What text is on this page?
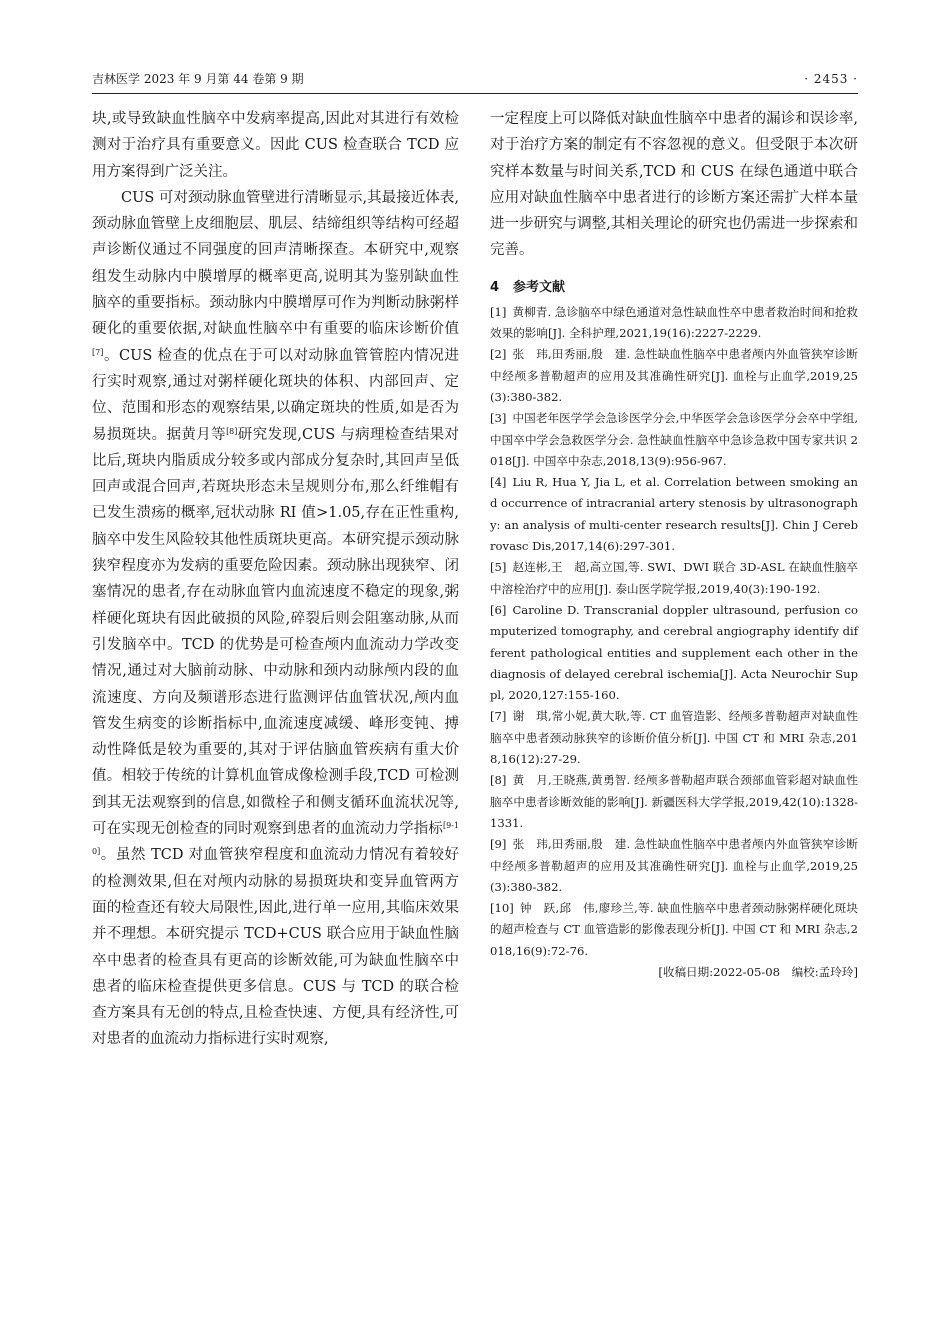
吉林医学 2023 年 9 月第 44 卷第 9 期	· 2453 ·

块,或导致缺血性脑卒中发病率提高,因此对其进行有效检测对于治疗具有重要意义。因此 CUS 检查联合 TCD 应用方案得到广泛关注。

CUS 可对颈动脉血管壁进行清晰显示,其最接近体表,颈动脉血管壁上皮细胞层、肌层、结缔组织等结构可经超声诊断仪通过不同强度的回声清晰探查。本研究中,观察组发生动脉内中膜增厚的概率更高,说明其为鉴别缺血性脑卒的重要指标。颈动脉内中膜增厚可作为判断动脉粥样硬化的重要依据,对缺血性脑卒中有重要的临床诊断价值[7]。CUS 检查的优点在于可以对动脉血管管腔内情况进行实时观察,通过对粥样硬化斑块的体积、内部回声、定位、范围和形态的观察结果,以确定斑块的性质,如是否为易损斑块。据黄月等[8]研究发现,CUS 与病理检查结果对比后,斑块内脂质成分较多或内部成分复杂时,其回声呈低回声或混合回声,若斑块形态未呈规则分布,那么纤维帽有已发生溃疡的概率,冠状动脉 RI 值>1.05,存在正性重构,脑卒中发生风险较其他性质斑块更高。本研究提示颈动脉狭窄程度亦为发病的重要危险因素。颈动脉出现狭窄、闭塞情况的患者,存在动脉血管内血流速度不稳定的现象,粥样硬化斑块有因此破损的风险,碎裂后则会阻塞动脉,从而引发脑卒中。TCD 的优势是可检查颅内血流动力学改变情况,通过对大脑前动脉、中动脉和颈内动脉颅内段的血流速度、方向及频谱形态进行监测评估血管状况,颅内血管发生病变的诊断指标中,血流速度减缓、峰形变钝、搏动性降低是较为重要的,其对于评估脑血管疾病有重大价值。相较于传统的计算机血管成像检测手段,TCD 可检测到其无法观察到的信息,如微栓子和侧支循环血流状况等,可在实现无创检查的同时观察到患者的血流动力学指标[9-10]。虽然 TCD 对血管狭窄程度和血流动力情况有着较好的检测效果,但在对颅内动脉的易损斑块和变异血管两方面的检查还有较大局限性,因此,进行单一应用,其临床效果并不理想。本研究提示 TCD+CUS 联合应用于缺血性脑卒中患者的检查具有更高的诊断效能,可为缺血性脑卒中患者的临床检查提供更多信息。CUS 与 TCD 的联合检查方案具有无创的特点,且检查快速、方便,具有经济性,可对患者的血流动力指标进行实时观察,

一定程度上可以降低对缺血性脑卒中患者的漏诊和误诊率,对于治疗方案的制定有不容忽视的意义。但受限于本次研究样本数量与时间关系,TCD 和 CUS 在绿色通道中联合应用对缺血性脑卒中患者进行的诊断方案还需扩大样本量进一步研究与调整,其相关理论的研究也仍需进一步探索和完善。

4 参考文献

[1] 黄柳青. 急诊脑卒中绿色通道对急性缺血性卒中患者救治时间和抢救效果的影响[J]. 全科护理,2021,19(16):2227-2229.

[2] 张　玮,田秀丽,殷　建. 急性缺血性脑卒中患者颅内外血管狭窄诊断中经颅多普勒超声的应用及其准确性研究[J]. 血栓与止血学,2019,25(3):380-382.

[3] 中国老年医学学会急诊医学分会,中华医学会急诊医学分会卒中学组,中国卒中学会急救医学分会. 急性缺血性脑卒中急诊急救中国专家共识 2018[J]. 中国卒中杂志,2018,13(9):956-967.

[4] Liu R, Hua Y, Jia L, et al. Correlation between smoking and occurrence of intracranial artery stenosis by ultrasonography: an analysis of multi-center research results[J]. Chin J Cerebrovasc Dis,2017,14(6):297-301.

[5] 赵连彬,王　超,高立国,等. SWI、DWI 联合 3D-ASL 在缺血性脑卒中溶栓治疗中的应用[J]. 泰山医学院学报,2019,40(3):190-192.

[6] Caroline D. Transcranial doppler ultrasound, perfusion computerized tomography, and cerebral angiography identify different pathological entities and supplement each other in the diagnosis of delayed cerebral ischemia[J]. Acta Neurochir Suppl, 2020,127:155-160.

[7] 谢　琪,常小妮,黄大耿,等. CT 血管造影、经颅多普勒超声对缺血性脑卒中患者颈动脉狭窄的诊断价值分析[J]. 中国 CT 和 MRI 杂志,2018,16(12):27-29.

[8] 黄　月,王晓燕,黄勇智. 经颅多普勒超声联合颈部血管彩超对缺血性脑卒中患者诊断效能的影响[J]. 新疆医科大学学报,2019,42(10):1328-1331.

[9] 张　玮,田秀丽,殷　建. 急性缺血性脑卒中患者颅内外血管狭窄诊断中经颅多普勒超声的应用及其准确性研究[J]. 血栓与止血学,2019,25(3):380-382.

[10] 钟　跃,邱　伟,廖珍兰,等. 缺血性脑卒中患者颈动脉粥样硬化斑块的超声检查与 CT 血管造影的影像表现分析[J]. 中国 CT 和 MRI 杂志,2018,16(9):72-76.

[收稿日期:2022-05-08　编校:孟玲玲]
